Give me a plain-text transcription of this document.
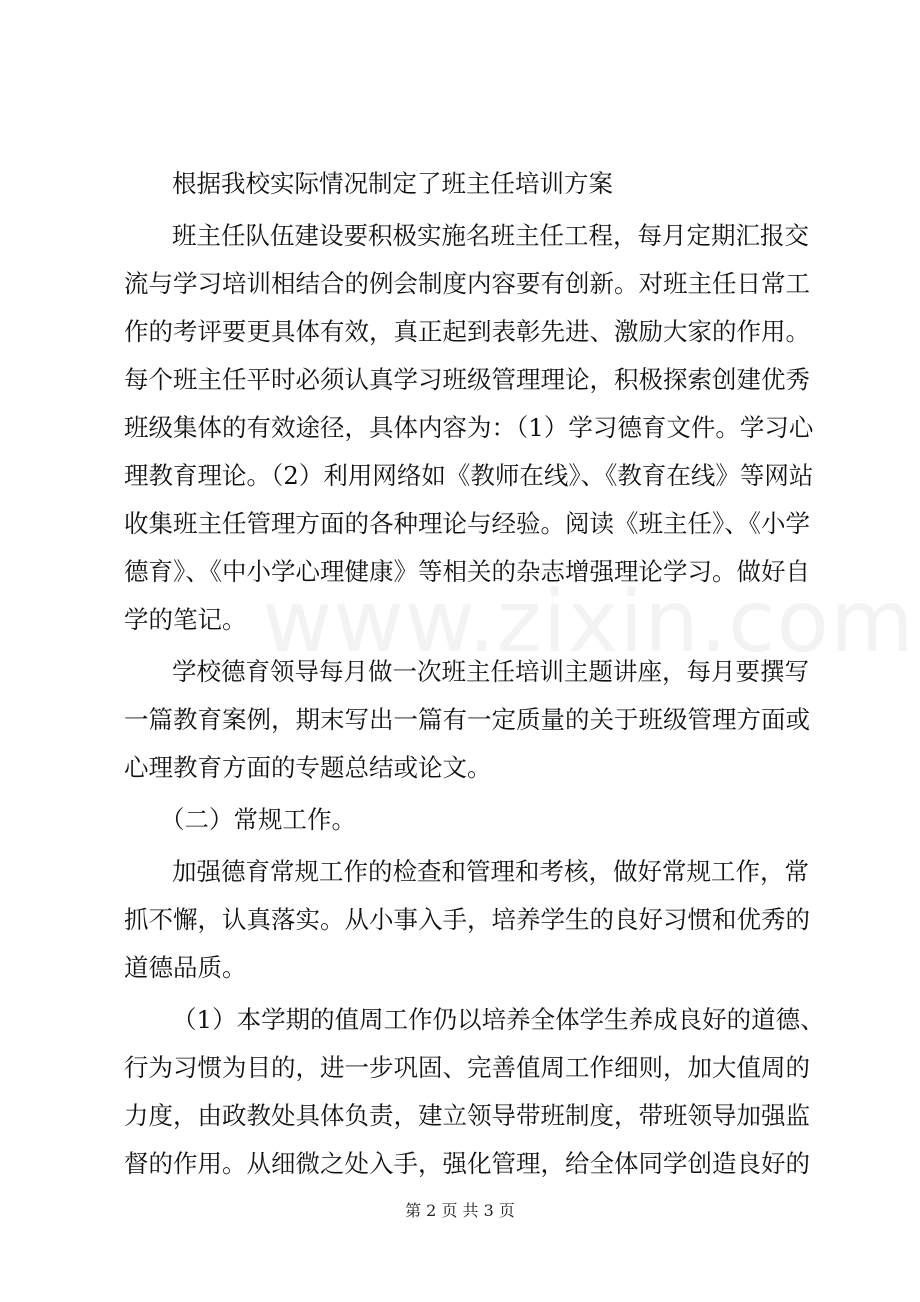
根据我校实际情况制定了班主任培训方案
班主任队伍建设要积极实施名班主任工程，每月定期汇报交
流与学习培训相结合的例会制度内容要有创新。对班主任日常工
作的考评要更具体有效，真正起到表彰先进、激励大家的作用。
每个班主任平时必须认真学习班级管理理论，积极探索创建优秀
班级集体的有效途径，具体内容为：（1）学习德育文件。学习心
理教育理论。（2）利用网络如《教师在线》、《教育在线》等网站
收集班主任管理方面的各种理论与经验。阅读《班主任》、《小学
德育》、《中小学心理健康》等相关的杂志增强理论学习。做好自
学的笔记。
学校德育领导每月做一次班主任培训主题讲座，每月要撰写
一篇教育案例，期末写出一篇有一定质量的关于班级管理方面或
心理教育方面的专题总结或论文。
（二）常规工作。
加强德育常规工作的检查和管理和考核，做好常规工作，常
抓不懈，认真落实。从小事入手，培养学生的良好习惯和优秀的
道德品质。
（1）本学期的值周工作仍以培养全体学生养成良好的道德、
行为习惯为目的，进一步巩固、完善值周工作细则，加大值周的
力度，由政教处具体负责，建立领导带班制度，带班领导加强监
督的作用。从细微之处入手，强化管理，给全体同学创造良好的
第 2 页 共 3 页
